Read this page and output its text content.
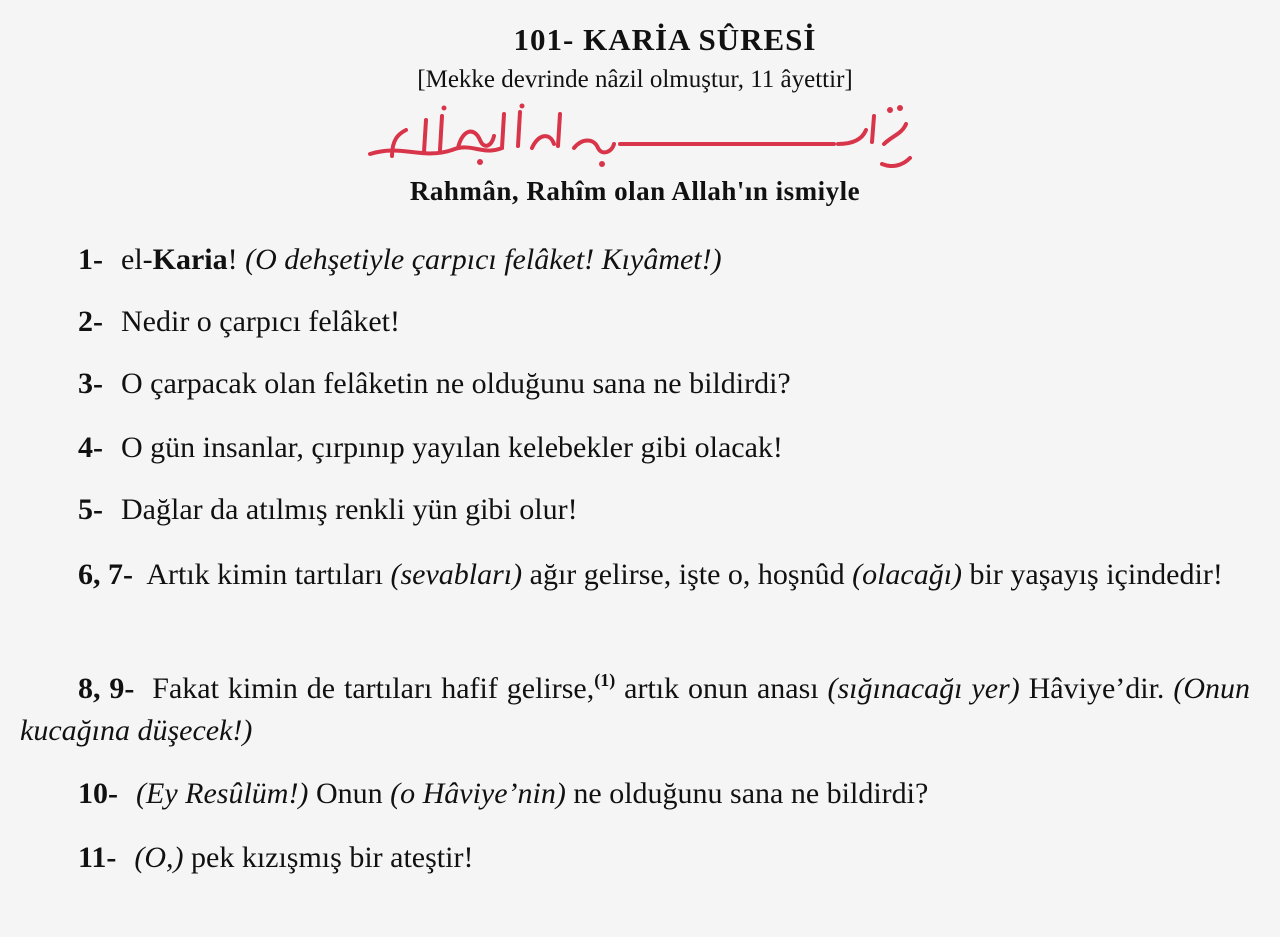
101- KARİA SÛRESİ
[Mekke devrinde nâzil olmuştur, 11 âyettir]
Rahmân, Rahîm olan Allah'ın ismiyle
1- el-Karia! (O dehşetiyle çarpıcı felâket! Kıyâmet!)
2- Nedir o çarpıcı felâket!
3- O çarpacak olan felâketin ne olduğunu sana ne bildirdi?
4- O gün insanlar, çırpınıp yayılan kelebekler gibi olacak!
5- Dağlar da atılmış renkli yün gibi olur!
6, 7- Artık kimin tartıları (sevabları) ağır gelirse, işte o, hoşnûd (olacağı) bir yaşayış içindedir!
8, 9- Fakat kimin de tartıları hafif gelirse,$^{(1)}$ artık onun anası (sığınacağı yer) Hâviye’dir. (Onun kucağına düşecek!)
10- (Ey Resûlüm!) Onun (o Hâviye’nin) ne olduğunu sana ne bildirdi?
11- (O,) pek kızışmış bir ateştir!
